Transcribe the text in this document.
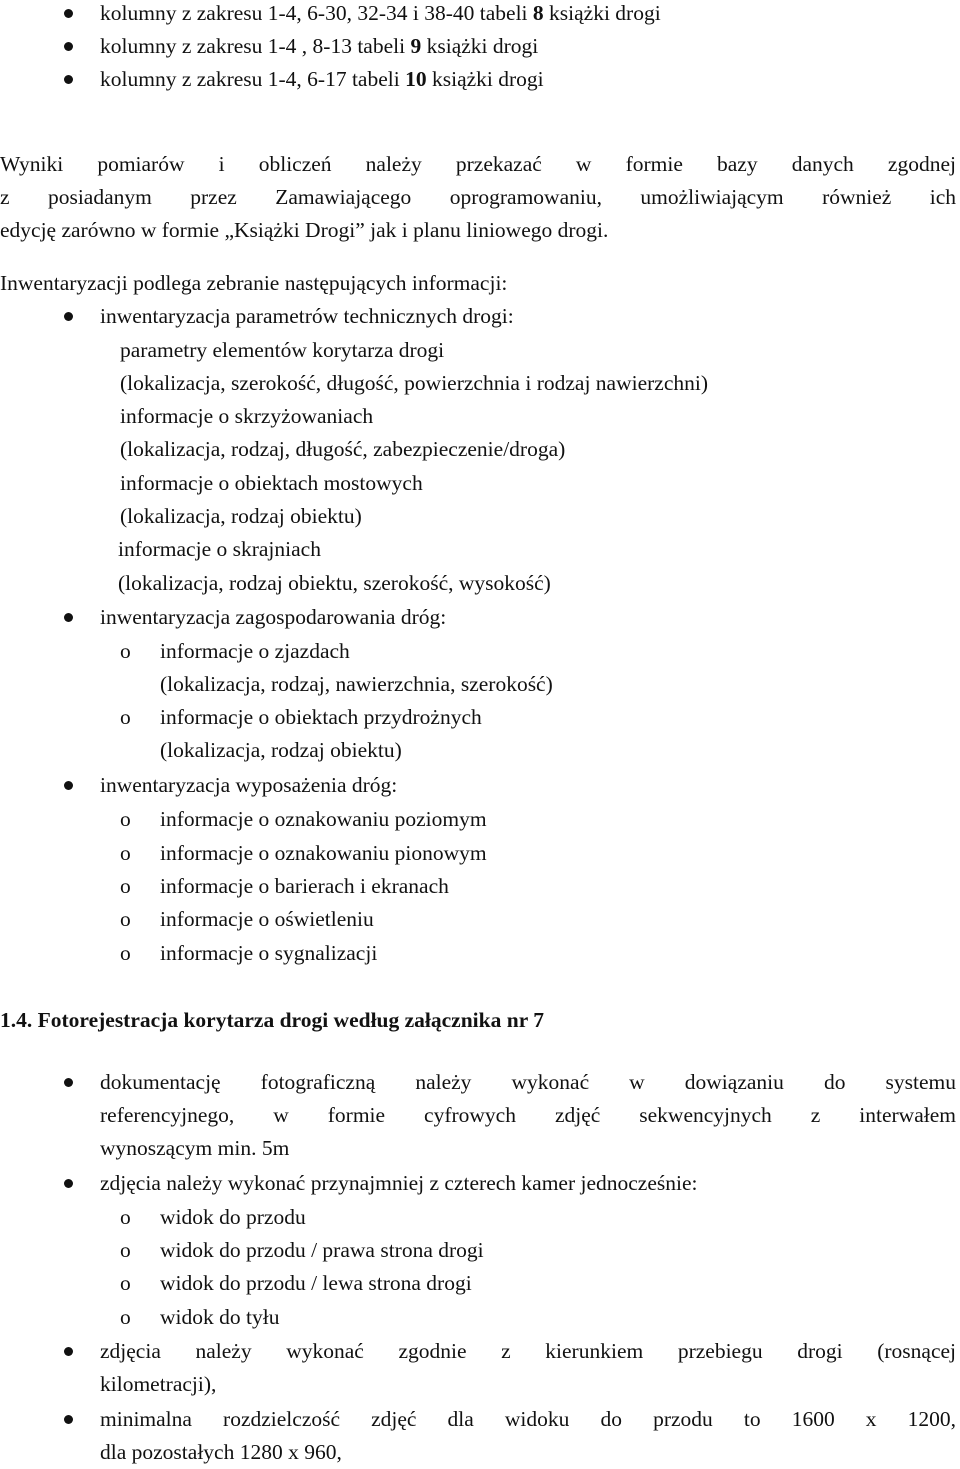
kolumny z zakresu 1-4, 6-30, 32-34 i 38-40 tabeli 8 książki drogi
kolumny z zakresu 1-4 , 8-13 tabeli 9 książki drogi
kolumny z zakresu 1-4, 6-17 tabeli 10 książki drogi
Wyniki pomiarów i obliczeń należy przekazać w formie bazy danych zgodnej
z posiadanym przez Zamawiającego oprogramowaniu, umożliwiającym również ich
edycję zarówno w formie „Książki Drogi” jak i planu liniowego drogi.
Inwentaryzacji podlega zebranie następujących informacji:
inwentaryzacja parametrów technicznych drogi:
parametry elementów korytarza drogi
(lokalizacja, szerokość, długość, powierzchnia i rodzaj nawierzchni)
informacje o skrzyżowaniach
(lokalizacja, rodzaj, długość, zabezpieczenie/droga)
informacje o obiektach mostowych
(lokalizacja, rodzaj obiektu)
informacje o skrajniach
(lokalizacja, rodzaj obiektu, szerokość, wysokość)
inwentaryzacja zagospodarowania dróg:
o informacje o zjazdach
(lokalizacja, rodzaj, nawierzchnia, szerokość)
o informacje o obiektach przydrożnych
(lokalizacja, rodzaj obiektu)
inwentaryzacja wyposażenia dróg:
o informacje o oznakowaniu poziomym
o informacje o oznakowaniu pionowym
o informacje o barierach i ekranach
o informacje o oświetleniu
o informacje o sygnalizacji
1.4. Fotorejestracja korytarza drogi według załącznika nr 7
dokumentację fotograficzną należy wykonać w dowiązaniu do systemu
referencyjnego, w formie cyfrowych zdjęć sekwencyjnych z interwałem
wynoszącym min. 5m
zdjęcia należy wykonać przynajmniej z czterech kamer jednocześnie:
o widok do przodu
o widok do przodu / prawa strona drogi
o widok do przodu / lewa strona drogi
o widok do tyłu
zdjęcia należy wykonać zgodnie z kierunkiem przebiegu drogi (rosnącej
kilometracji),
minimalna rozdzielczość zdjęć dla widoku do przodu to 1600 x 1200,
dla pozostałych 1280 x 960,
